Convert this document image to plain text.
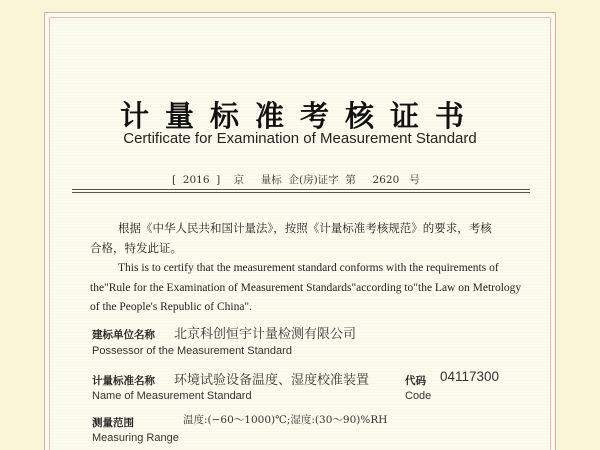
计量标准考核证书
Certificate for Examination of Measurement Standard
[  2016  ]    京     量标  企(房)证字  第     2620   号
根据《中华人民共和国计量法》，按照《计量标准考核规范》的要求，考核
合格，特发此证。
This is to certify that the measurement standard conforms with the requirements of the"Rule for the Examination of Measurement Standards"according to"the Law on Metrology of the People's Republic of China".
建标单位名称 北京科创恒宇计量检测有限公司
Possessor of the Measurement Standard
计量标准名称 环境试验设备温度、湿度校准装置
Name of Measurement Standard
代码 04117300
Code
测量范围	温度:(−60～1000)℃;湿度:(30～90)%RH
Measuring Range
